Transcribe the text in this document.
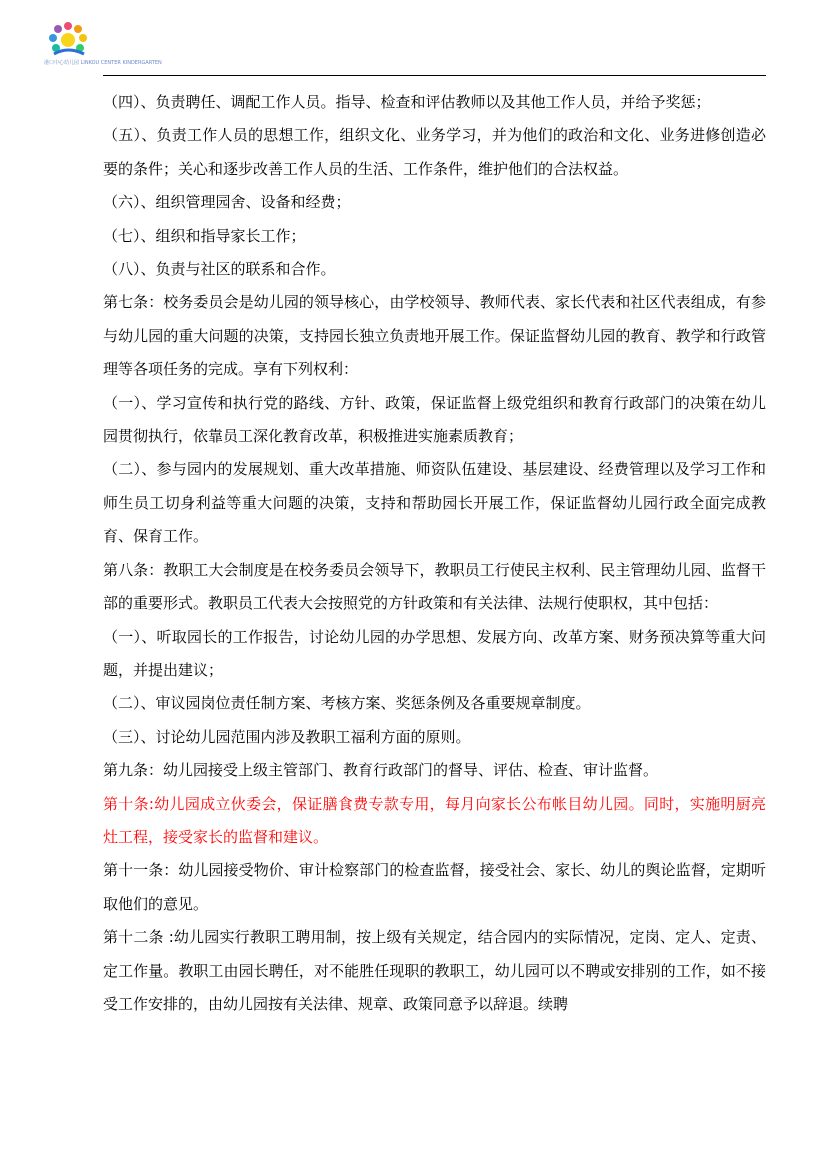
港口中心幼儿园 LINKOU CENTER KINDERGARTEN

（四）、负责聘任、调配工作人员。指导、检查和评估教师以及其他工作人员，并给予奖惩；

（五）、负责工作人员的思想工作，组织文化、业务学习，并为他们的政治和文化、业务进修创造必要的条件；关心和逐步改善工作人员的生活、工作条件，维护他们的合法权益。

（六）、组织管理园舍、设备和经费；

（七）、组织和指导家长工作；

（八）、负责与社区的联系和合作。

第七条：校务委员会是幼儿园的领导核心，由学校领导、教师代表、家长代表和社区代表组成，有参与幼儿园的重大问题的决策，支持园长独立负责地开展工作。保证监督幼儿园的教育、教学和行政管理等各项任务的完成。享有下列权利：

（一）、学习宣传和执行党的路线、方针、政策，保证监督上级党组织和教育行政部门的决策在幼儿园贯彻执行，依靠员工深化教育改革，积极推进实施素质教育；

（二）、参与园内的发展规划、重大改革措施、师资队伍建设、基层建设、经费管理以及学习工作和师生员工切身利益等重大问题的决策，支持和帮助园长开展工作，保证监督幼儿园行政全面完成教育、保育工作。

第八条：教职工大会制度是在校务委员会领导下，教职员工行使民主权利、民主管理幼儿园、监督干部的重要形式。教职员工代表大会按照党的方针政策和有关法律、法规行使职权，其中包括：

（一）、听取园长的工作报告，讨论幼儿园的办学思想、发展方向、改革方案、财务预决算等重大问题，并提出建议；

（二）、审议园岗位责任制方案、考核方案、奖惩条例及各重要规章制度。

（三）、讨论幼儿园范围内涉及教职工福利方面的原则。

第九条：幼儿园接受上级主管部门、教育行政部门的督导、评估、检查、审计监督。

第十条:幼儿园成立伙委会，保证膳食费专款专用，每月向家长公布帐目幼儿园。同时，实施明厨亮灶工程，接受家长的监督和建议。

第十一条：幼儿园接受物价、审计检察部门的检查监督，接受社会、家长、幼儿的舆论监督，定期听取他们的意见。

第十二条 :幼儿园实行教职工聘用制，按上级有关规定，结合园内的实际情况，定岗、定人、定责、定工作量。教职工由园长聘任，对不能胜任现职的教职工，幼儿园可以不聘或安排别的工作，如不接受工作安排的，由幼儿园按有关法律、规章、政策同意予以辞退。续聘
